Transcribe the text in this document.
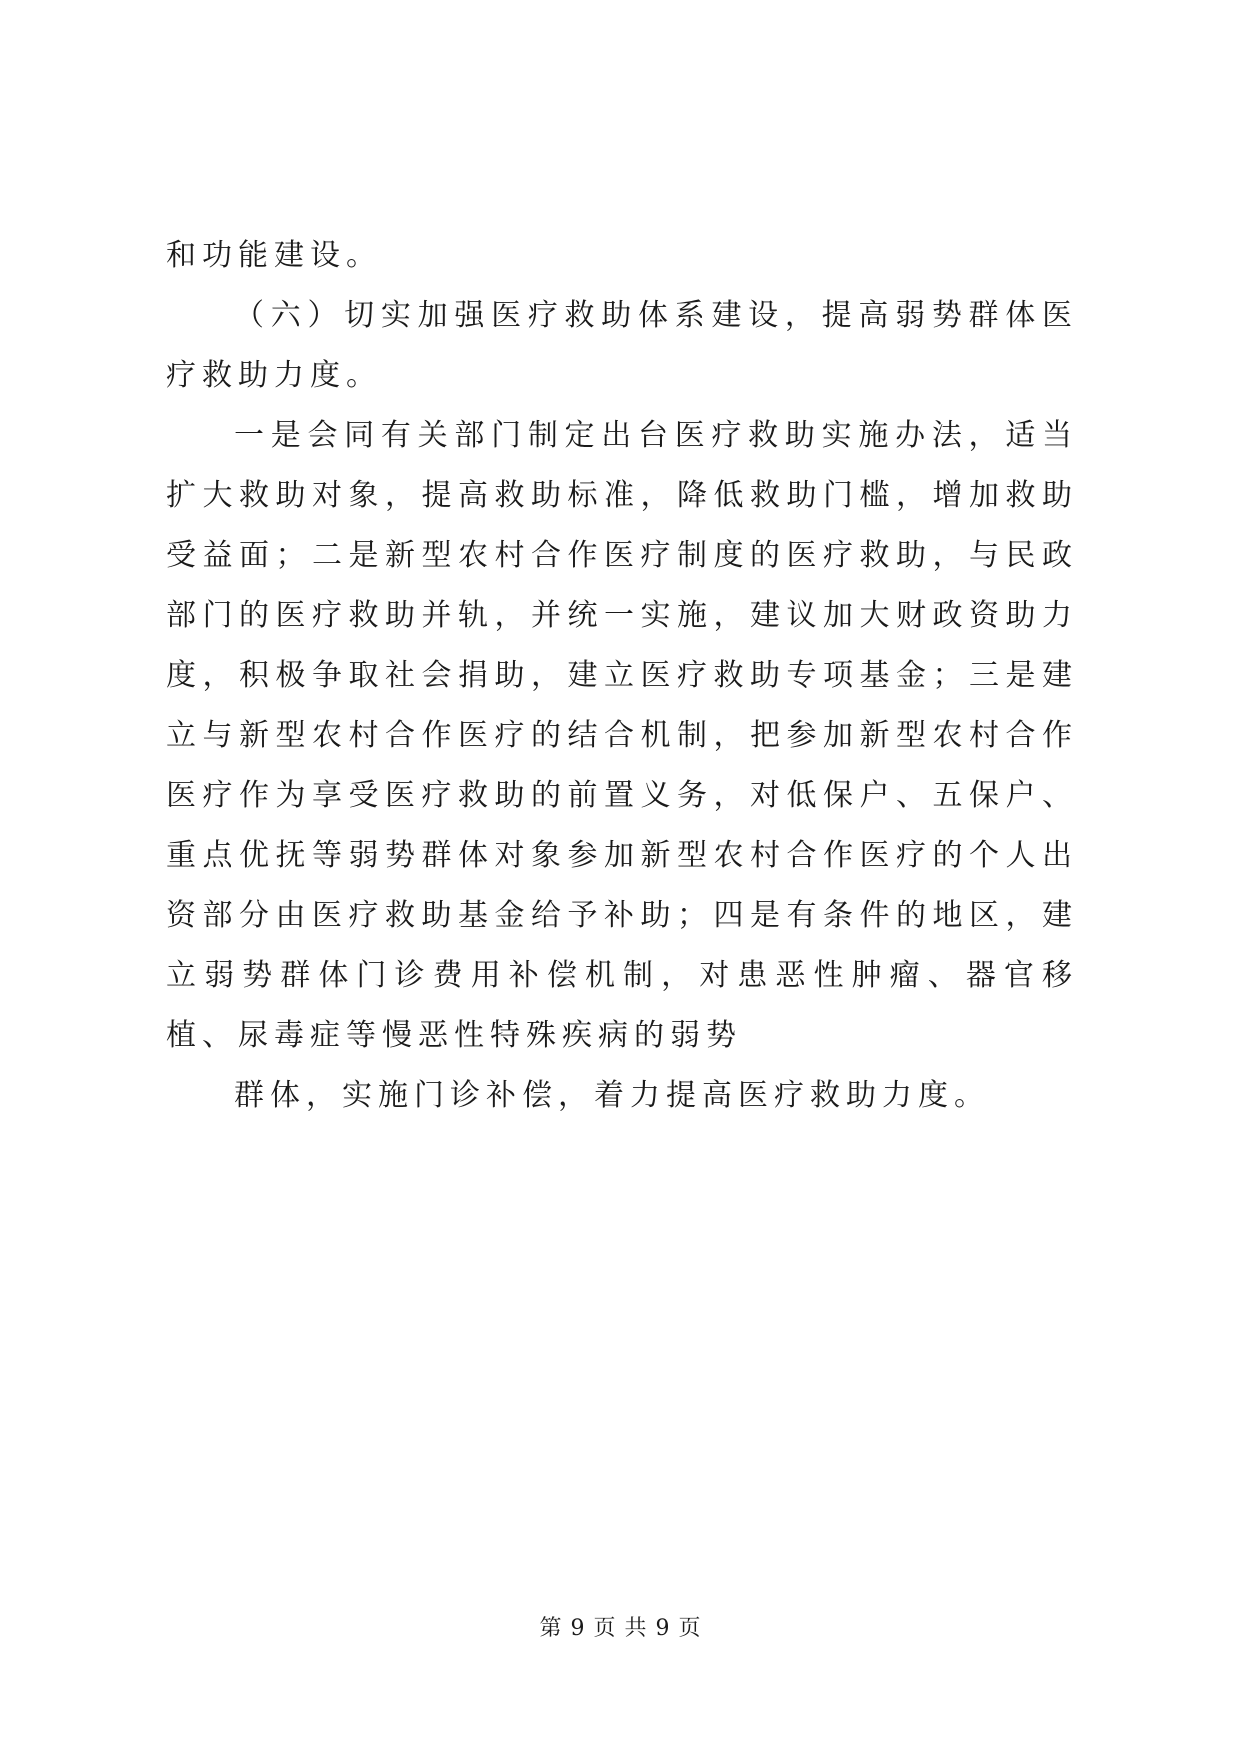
和功能建设。

（六）切实加强医疗救助体系建设，提高弱势群体医疗救助力度。

一是会同有关部门制定出台医疗救助实施办法，适当扩大救助对象，提高救助标准，降低救助门槛，增加救助受益面；二是新型农村合作医疗制度的医疗救助，与民政部门的医疗救助并轨，并统一实施，建议加大财政资助力度，积极争取社会捐助，建立医疗救助专项基金；三是建立与新型农村合作医疗的结合机制，把参加新型农村合作医疗作为享受医疗救助的前置义务，对低保户、五保户、重点优抚等弱势群体对象参加新型农村合作医疗的个人出资部分由医疗救助基金给予补助；四是有条件的地区，建立弱势群体门诊费用补偿机制，对患恶性肿瘤、器官移植、尿毒症等慢恶性特殊疾病的弱势

群体，实施门诊补偿，着力提高医疗救助力度。

第 9 页 共 9 页
